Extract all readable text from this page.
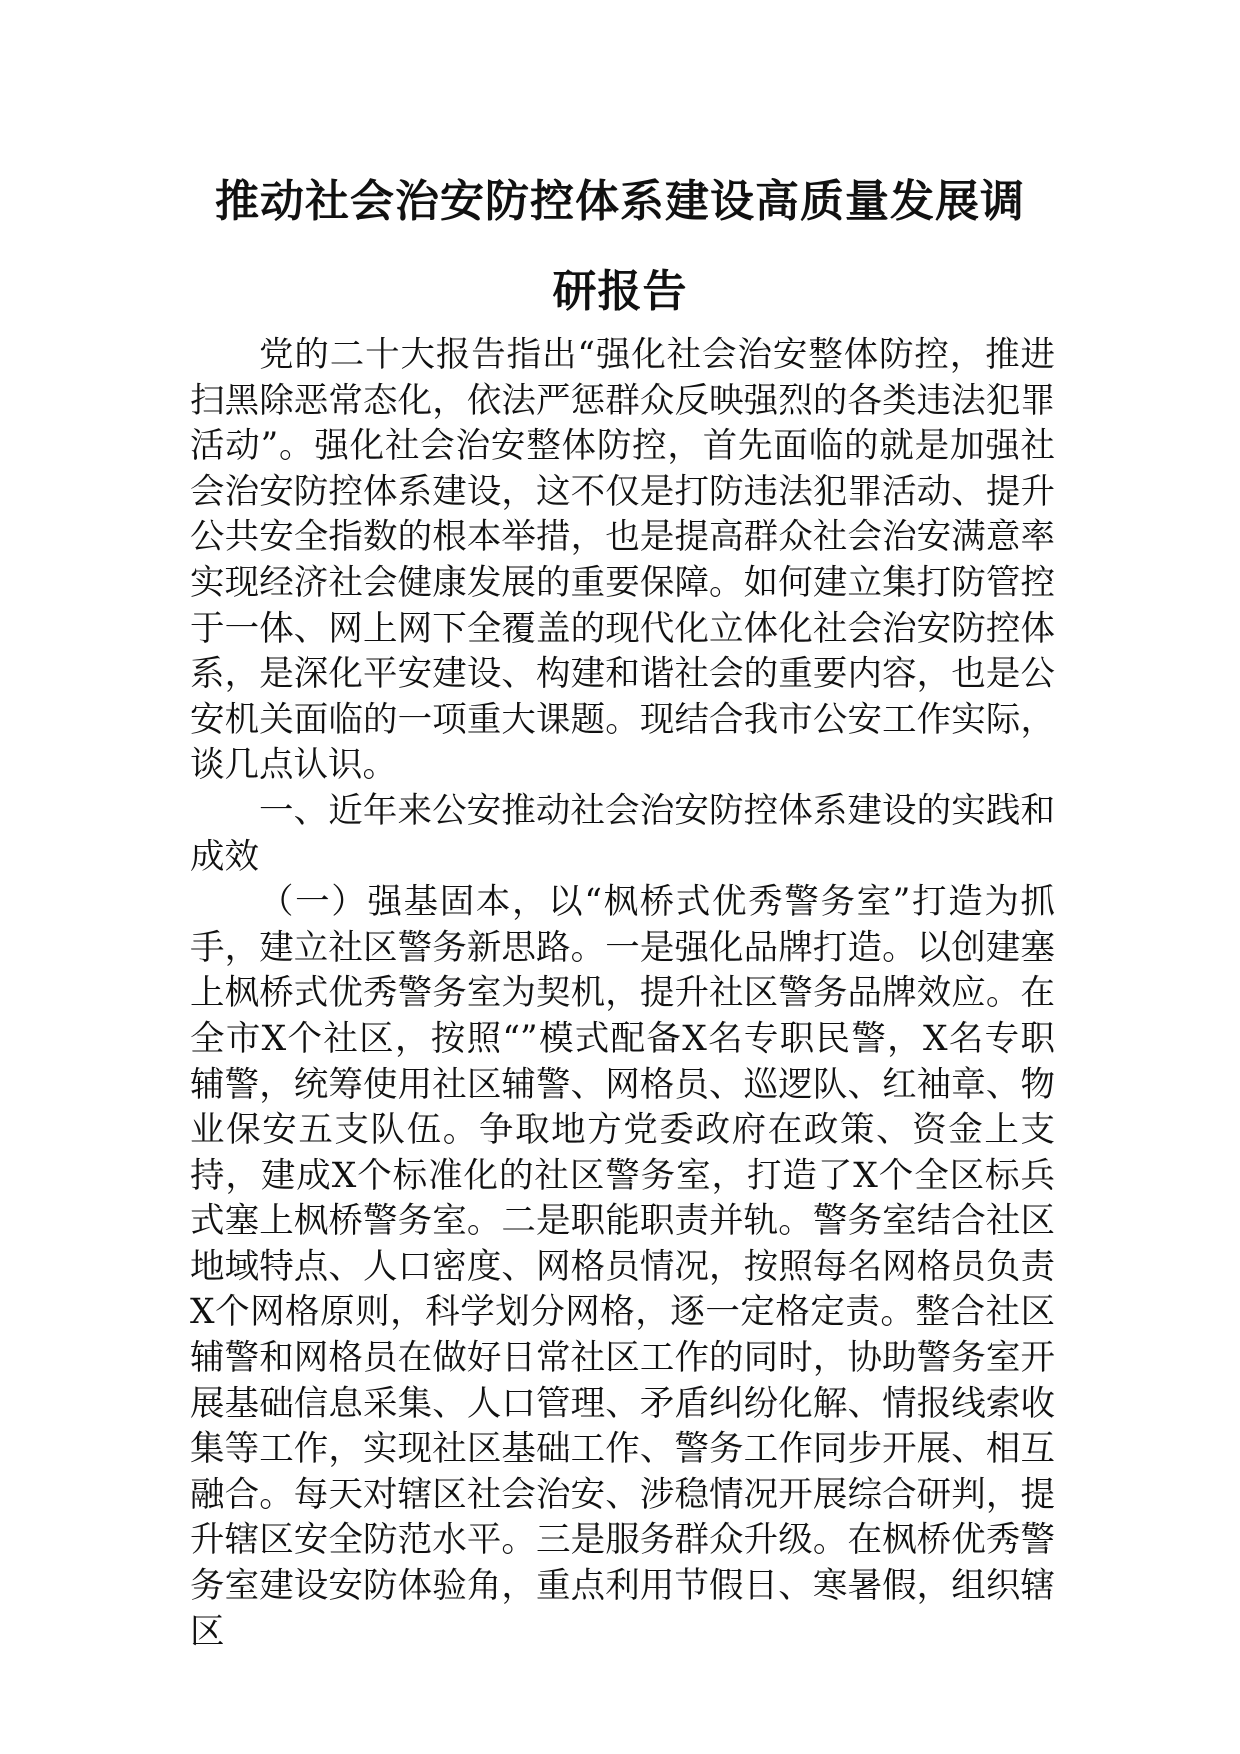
推动社会治安防控体系建设高质量发展调
研报告

党的二十大报告指出“强化社会治安整体防控，推进扫黑除恶常态化，依法严惩群众反映强烈的各类违法犯罪活动”。强化社会治安整体防控，首先面临的就是加强社会治安防控体系建设，这不仅是打防违法犯罪活动、提升公共安全指数的根本举措，也是提高群众社会治安满意率实现经济社会健康发展的重要保障。如何建立集打防管控于一体、网上网下全覆盖的现代化立体化社会治安防控体系，是深化平安建设、构建和谐社会的重要内容，也是公安机关面临的一项重大课题。现结合我市公安工作实际，谈几点认识。

一、近年来公安推动社会治安防控体系建设的实践和成效

（一）强基固本，以“枫桥式优秀警务室”打造为抓手，建立社区警务新思路。一是强化品牌打造。以创建塞上枫桥式优秀警务室为契机，提升社区警务品牌效应。在全市X个社区，按照“”模式配备X名专职民警，X名专职辅警，统筹使用社区辅警、网格员、巡逻队、红袖章、物业保安五支队伍。争取地方党委政府在政策、资金上支持，建成X个标准化的社区警务室，打造了X个全区标兵式塞上枫桥警务室。二是职能职责并轨。警务室结合社区地域特点、人口密度、网格员情况，按照每名网格员负责X个网格原则，科学划分网格，逐一定格定责。整合社区辅警和网格员在做好日常社区工作的同时，协助警务室开展基础信息采集、人口管理、矛盾纠纷化解、情报线索收集等工作，实现社区基础工作、警务工作同步开展、相互融合。每天对辖区社会治安、涉稳情况开展综合研判，提升辖区安全防范水平。三是服务群众升级。在枫桥优秀警务室建设安防体验角，重点利用节假日、寒暑假，组织辖区
